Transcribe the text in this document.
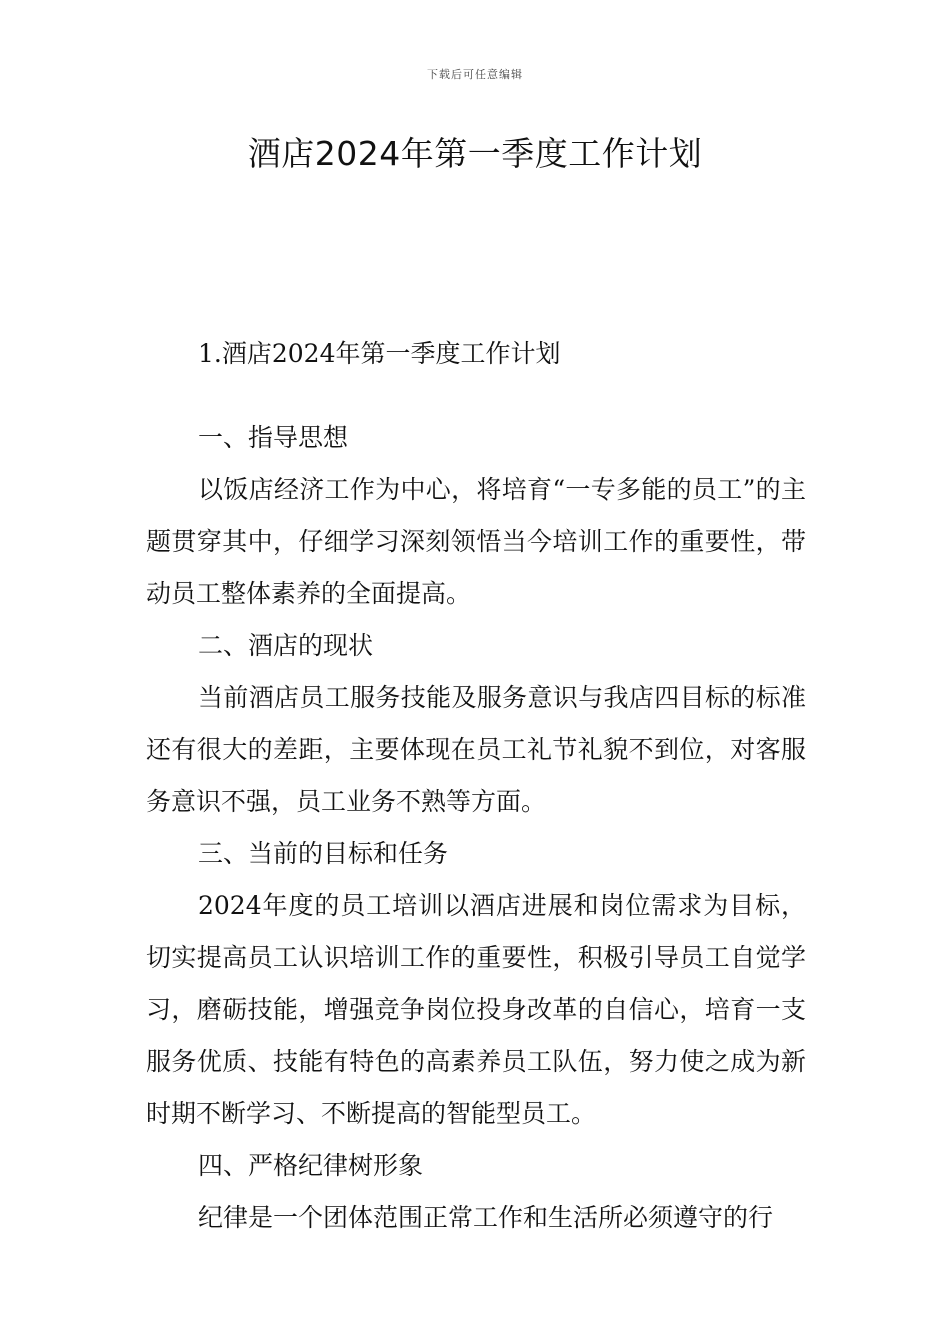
下载后可任意编辑
酒店2024年第一季度工作计划
1.酒店2024年第一季度工作计划
一、指导思想

以饭店经济工作为中心，将培育“一专多能的员工”的主题贯穿其中，仔细学习深刻领悟当今培训工作的重要性，带动员工整体素养的全面提高。

二、酒店的现状

当前酒店员工服务技能及服务意识与我店四目标的标准还有很大的差距，主要体现在员工礼节礼貌不到位，对客服务意识不强，员工业务不熟等方面。

三、当前的目标和任务

2024年度的员工培训以酒店进展和岗位需求为目标，切实提高员工认识培训工作的重要性，积极引导员工自觉学习，磨砺技能，增强竞争岗位投身改革的自信心，培育一支服务优质、技能有特色的高素养员工队伍，努力使之成为新时期不断学习、不断提高的智能型员工。

四、严格纪律树形象

纪律是一个团体范围正常工作和生活所必须遵守的行
